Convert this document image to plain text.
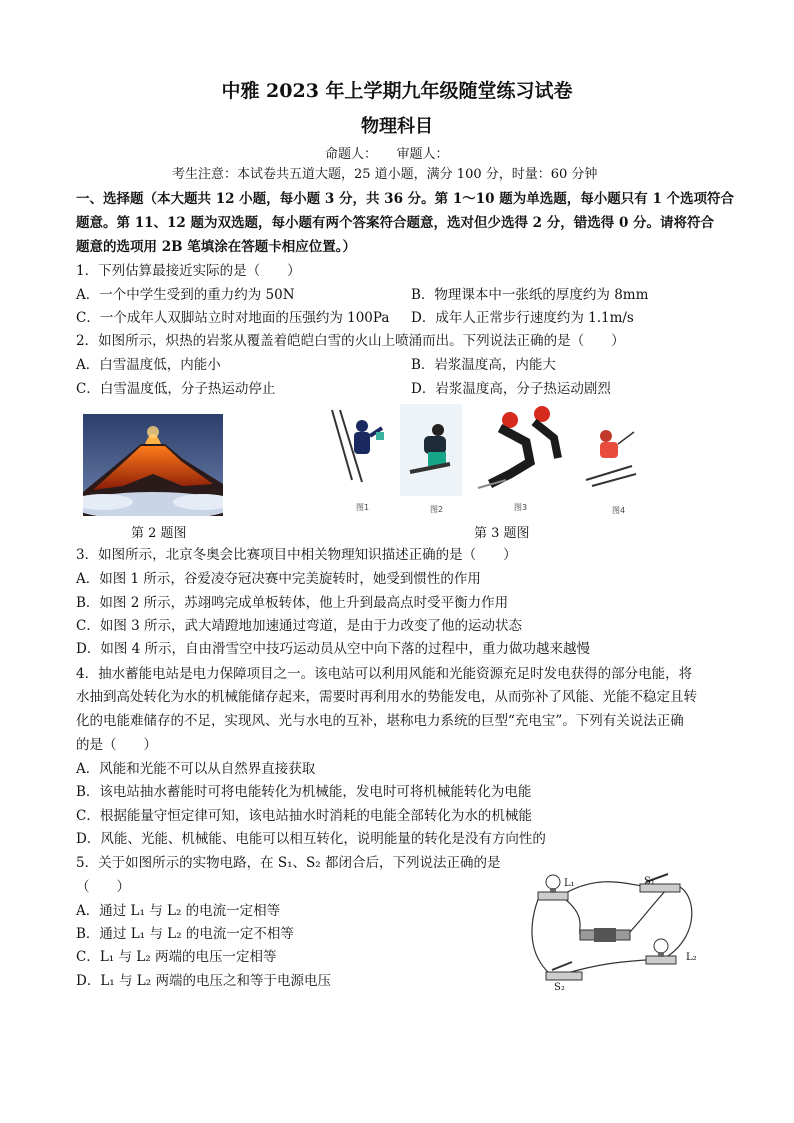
中雅 2023 年上学期九年级随堂练习试卷
物理科目
命题人：　　审题人：
考生注意：本试卷共五道大题，25 道小题，满分 100 分，时量：60 分钟
一、选择题（本大题共 12 小题，每小题 3 分，共 36 分。第 1～10 题为单选题，每小题只有 1 个选项符合
题意。第 11、12 题为双选题，每小题有两个答案符合题意，选对但少选得 2 分，错选得 0 分。请将符合
题意的选项用 2B 笔填涂在答题卡相应位置。）
1．下列估算最接近实际的是（　　）
A．一个中学生受到的重力约为 50N	B．物理课本中一张纸的厚度约为 8mm
C．一个成年人双脚站立时对地面的压强约为 100Pa D．成年人正常步行速度约为 1.1m/s
2．如图所示，炽热的岩浆从覆盖着皑皑白雪的火山上喷涌而出。下列说法正确的是（　　）
A．白雪温度低，内能小	B．岩浆温度高，内能大
C．白雪温度低，分子热运动停止	D．岩浆温度高，分子热运动剧烈
图1	图2	图3	图4
第 2 题图	第 3 题图
3．如图所示，北京冬奥会比赛项目中相关物理知识描述正确的是（　　）
A．如图 1 所示，谷爱凌夺冠决赛中完美旋转时，她受到惯性的作用
B．如图 2 所示，苏翊鸣完成单板转体，他上升到最高点时受平衡力作用
C．如图 3 所示，武大靖蹬地加速通过弯道，是由于力改变了他的运动状态
D．如图 4 所示，自由滑雪空中技巧运动员从空中向下落的过程中，重力做功越来越慢
4．抽水蓄能电站是电力保障项目之一。该电站可以利用风能和光能资源充足时发电获得的部分电能，将
水抽到高处转化为水的机械能储存起来，需要时再利用水的势能发电，从而弥补了风能、光能不稳定且转
化的电能难储存的不足，实现风、光与水电的互补，堪称电力系统的巨型“充电宝”。下列有关说法正确
的是（　　）
A．风能和光能不可以从自然界直接获取
B．该电站抽水蓄能时可将电能转化为机械能，发电时可将机械能转化为电能
C．根据能量守恒定律可知，该电站抽水时消耗的电能全部转化为水的机械能
D．风能、光能、机械能、电能可以相互转化，说明能量的转化是没有方向性的
5．关于如图所示的实物电路，在 S₁、S₂ 都闭合后，下列说法正确的是
（　　）
A．通过 L₁ 与 L₂ 的电流一定相等
B．通过 L₁ 与 L₂ 的电流一定不相等
C．L₁ 与 L₂ 两端的电压一定相等
D．L₁ 与 L₂ 两端的电压之和等于电源电压
L₁	S₁
L₂
S₂
